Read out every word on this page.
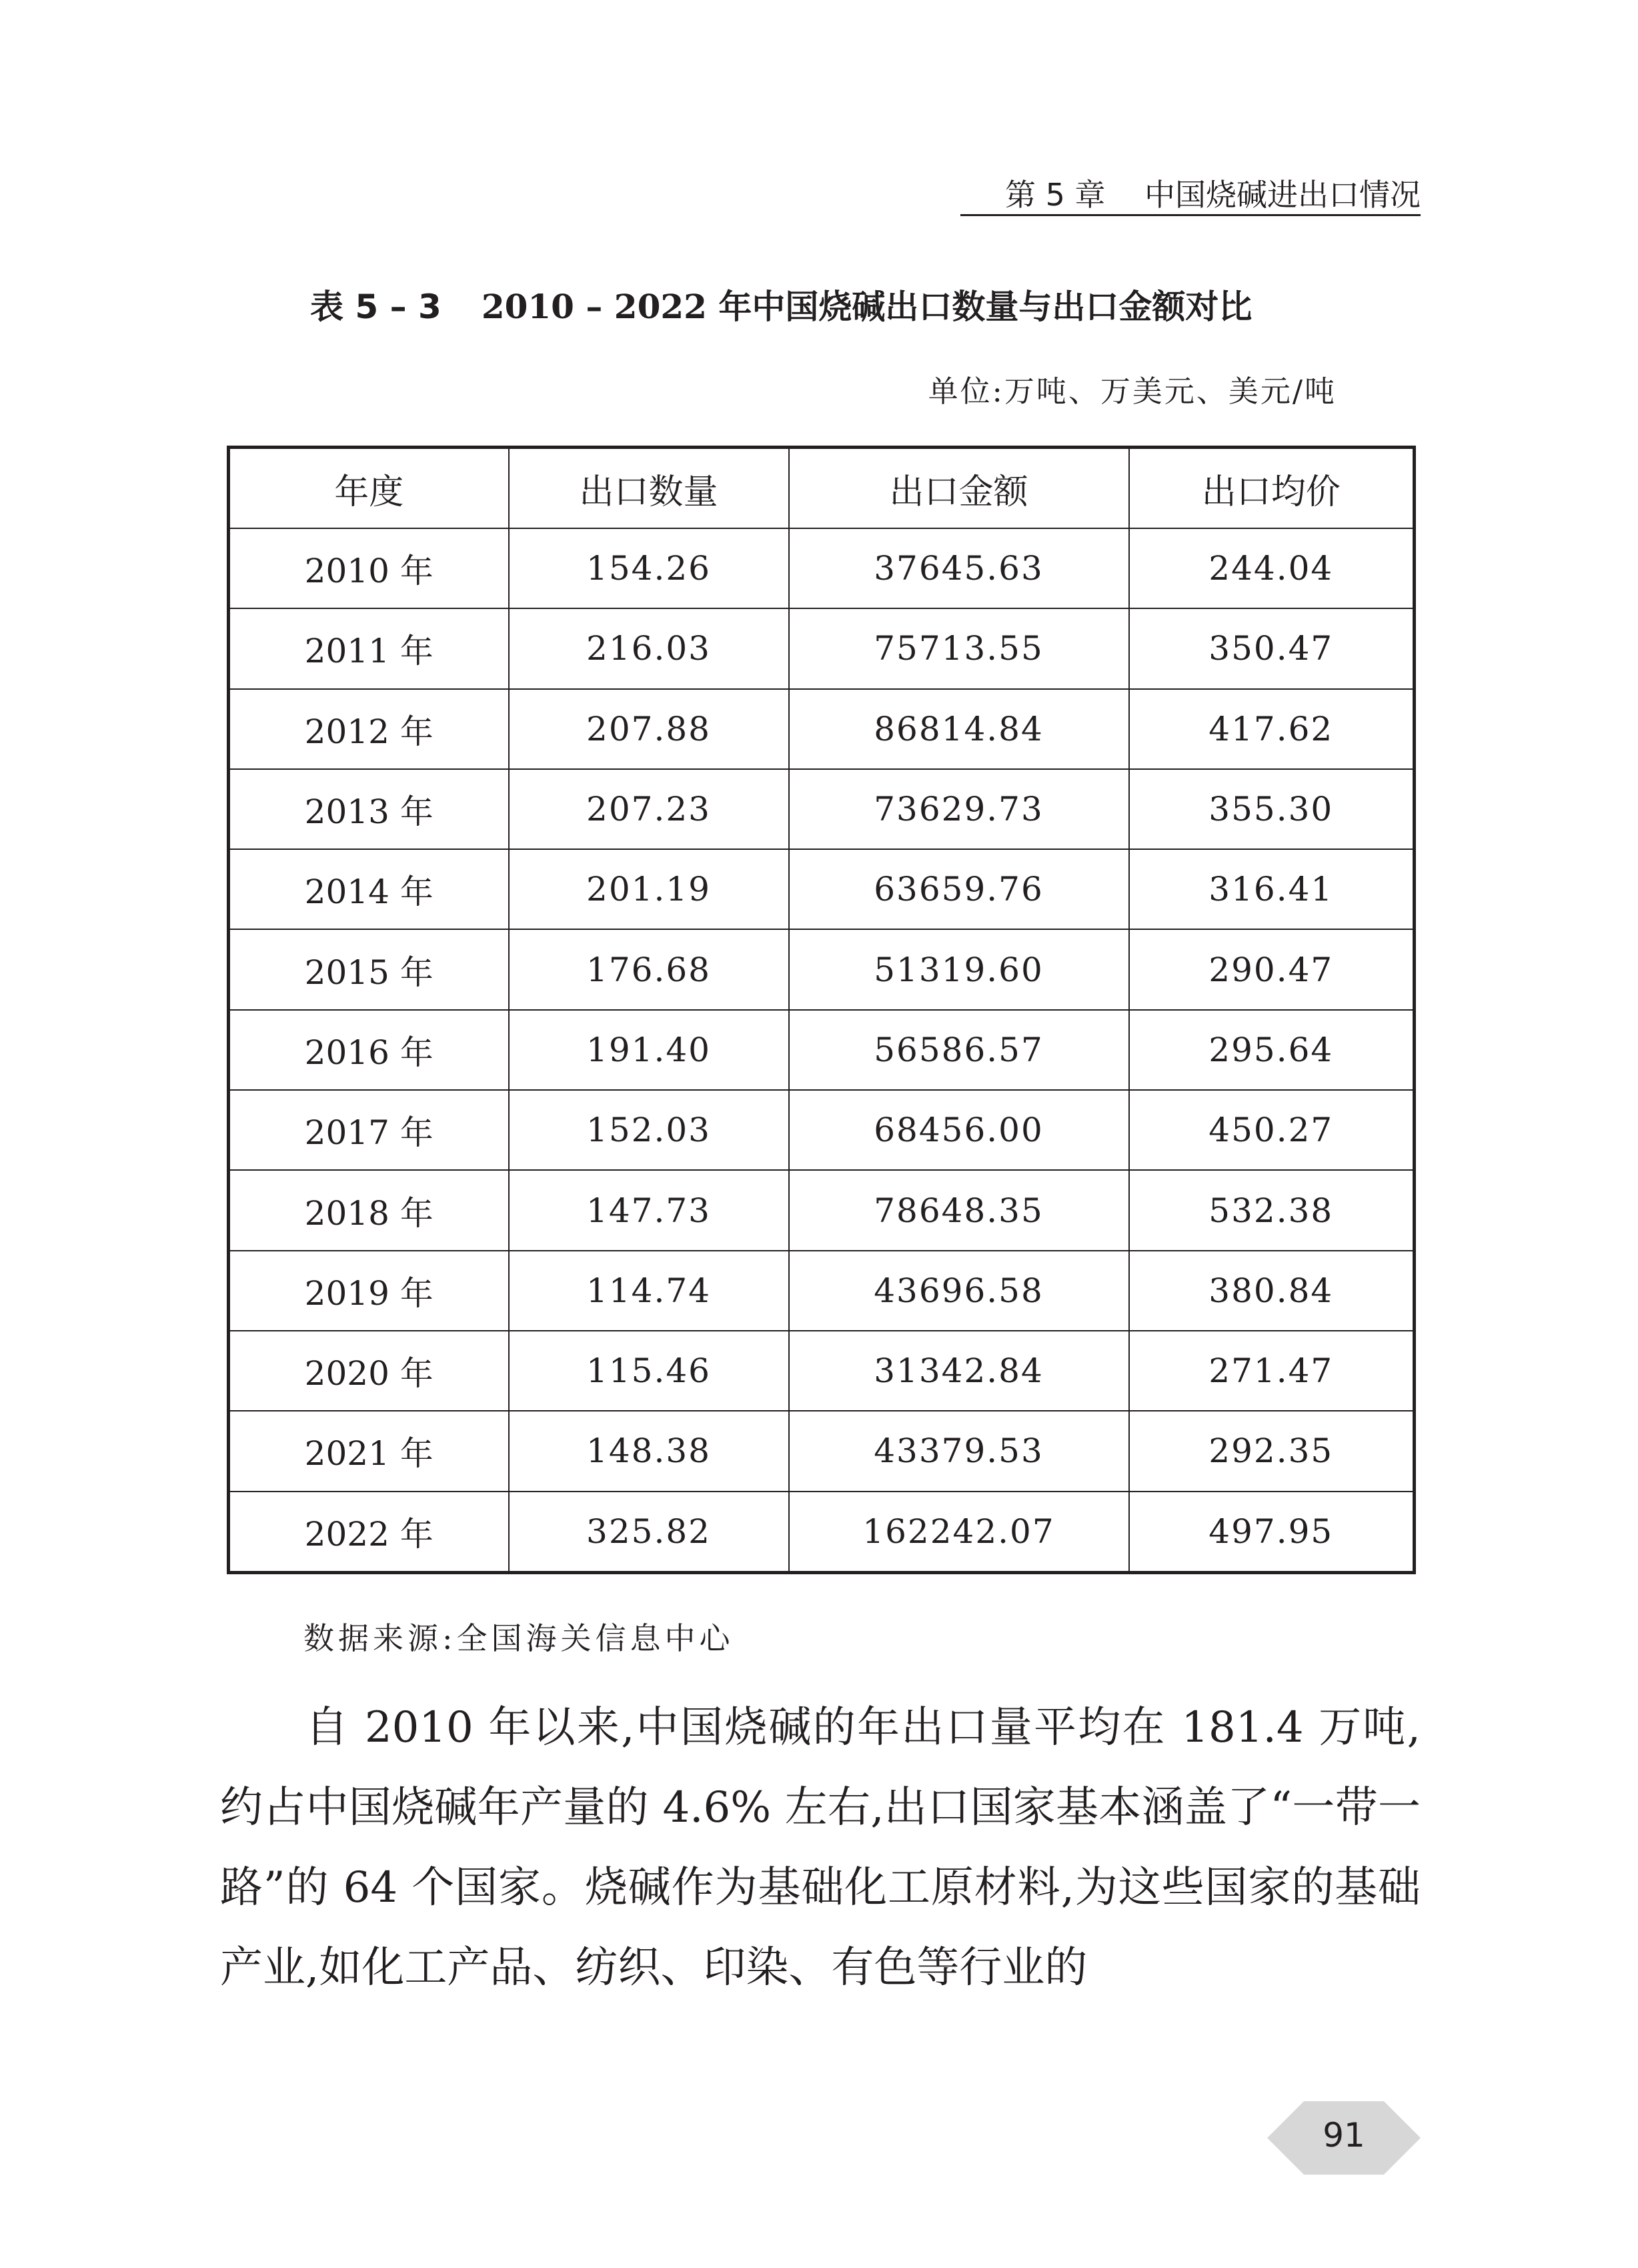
第 5 章    中国烧碱进出口情况
表 5 – 3 2010 – 2022 年中国烧碱出口数量与出口金额对比
单位:万吨、万美元、美元/吨
年度	出口数量	出口金额	出口均价
2010 年	154.26	37645.63	244.04
2011 年	216.03	75713.55	350.47
2012 年	207.88	86814.84	417.62
2013 年	207.23	73629.73	355.30
2014 年	201.19	63659.76	316.41
2015 年	176.68	51319.60	290.47
2016 年	191.40	56586.57	295.64
2017 年	152.03	68456.00	450.27
2018 年	147.73	78648.35	532.38
2019 年	114.74	43696.58	380.84
2020 年	115.46	31342.84	271.47
2021 年	148.38	43379.53	292.35
2022 年	325.82	162242.07	497.95
数据来源:全国海关信息中心

自 2010 年以来,中国烧碱的年出口量平均在 181.4 万吨,约占中国烧碱年产量的 4.6% 左右,出口国家基本涵盖了“一带一路”的 64 个国家。烧碱作为基础化工原材料,为这些国家的基础产业,如化工产品、纺织、印染、有色等行业的

91
